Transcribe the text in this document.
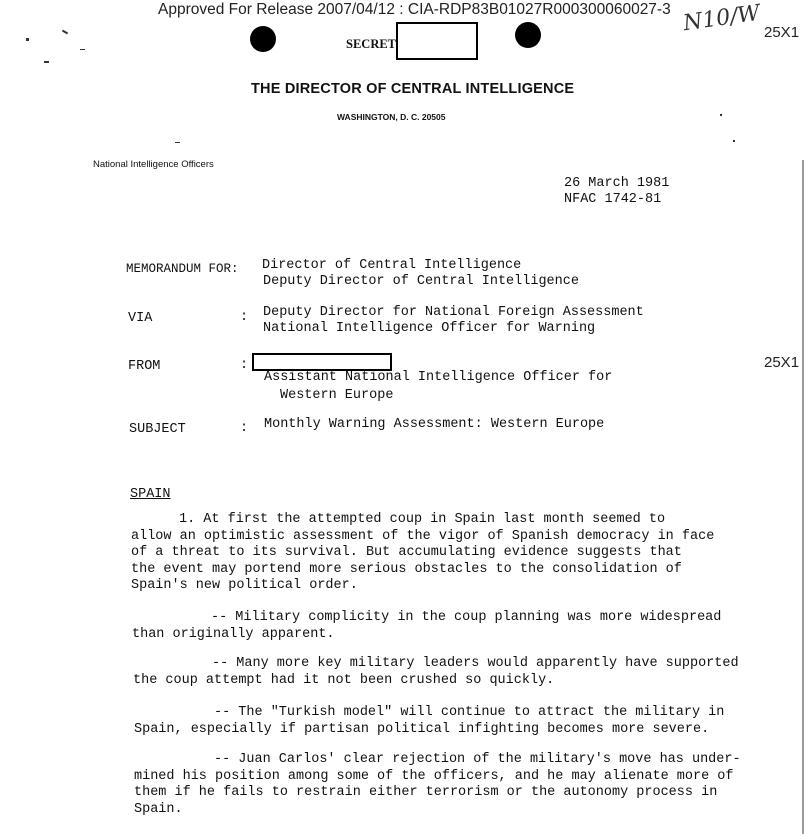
Approved For Release 2007/04/12 : CIA-RDP83B01027R000300060027-3 N10/W 25X1
25X1
SECRET
THE DIRECTOR OF CENTRAL INTELLIGENCE
WASHINGTON, D. C. 20505
National Intelligence Officers
26 March 1981
NFAC 1742-81
MEMORANDUM FOR: Director of Central Intelligence
Deputy Director of Central Intelligence
VIA	: Deputy Director for National Foreign Assessment
National Intelligence Officer for Warning
FROM	:
Assistant National Intelligence Officer for
Western Europe
SUBJECT	: Monthly Warning Assessment: Western Europe
SPAIN
1. At first the attempted coup in Spain last month seemed to
allow an optimistic assessment of the vigor of Spanish democracy in face
of a threat to its survival. But accumulating evidence suggests that
the event may portend more serious obstacles to the consolidation of
Spain's new political order.
-- Military complicity in the coup planning was more widespread
than originally apparent.
-- Many more key military leaders would apparently have supported
the coup attempt had it not been crushed so quickly.
-- The "Turkish model" will continue to attract the military in
Spain, especially if partisan political infighting becomes more severe.
-- Juan Carlos' clear rejection of the military's move has under-
mined his position among some of the officers, and he may alienate more of
them if he fails to restrain either terrorism or the autonomy process in
Spain.
